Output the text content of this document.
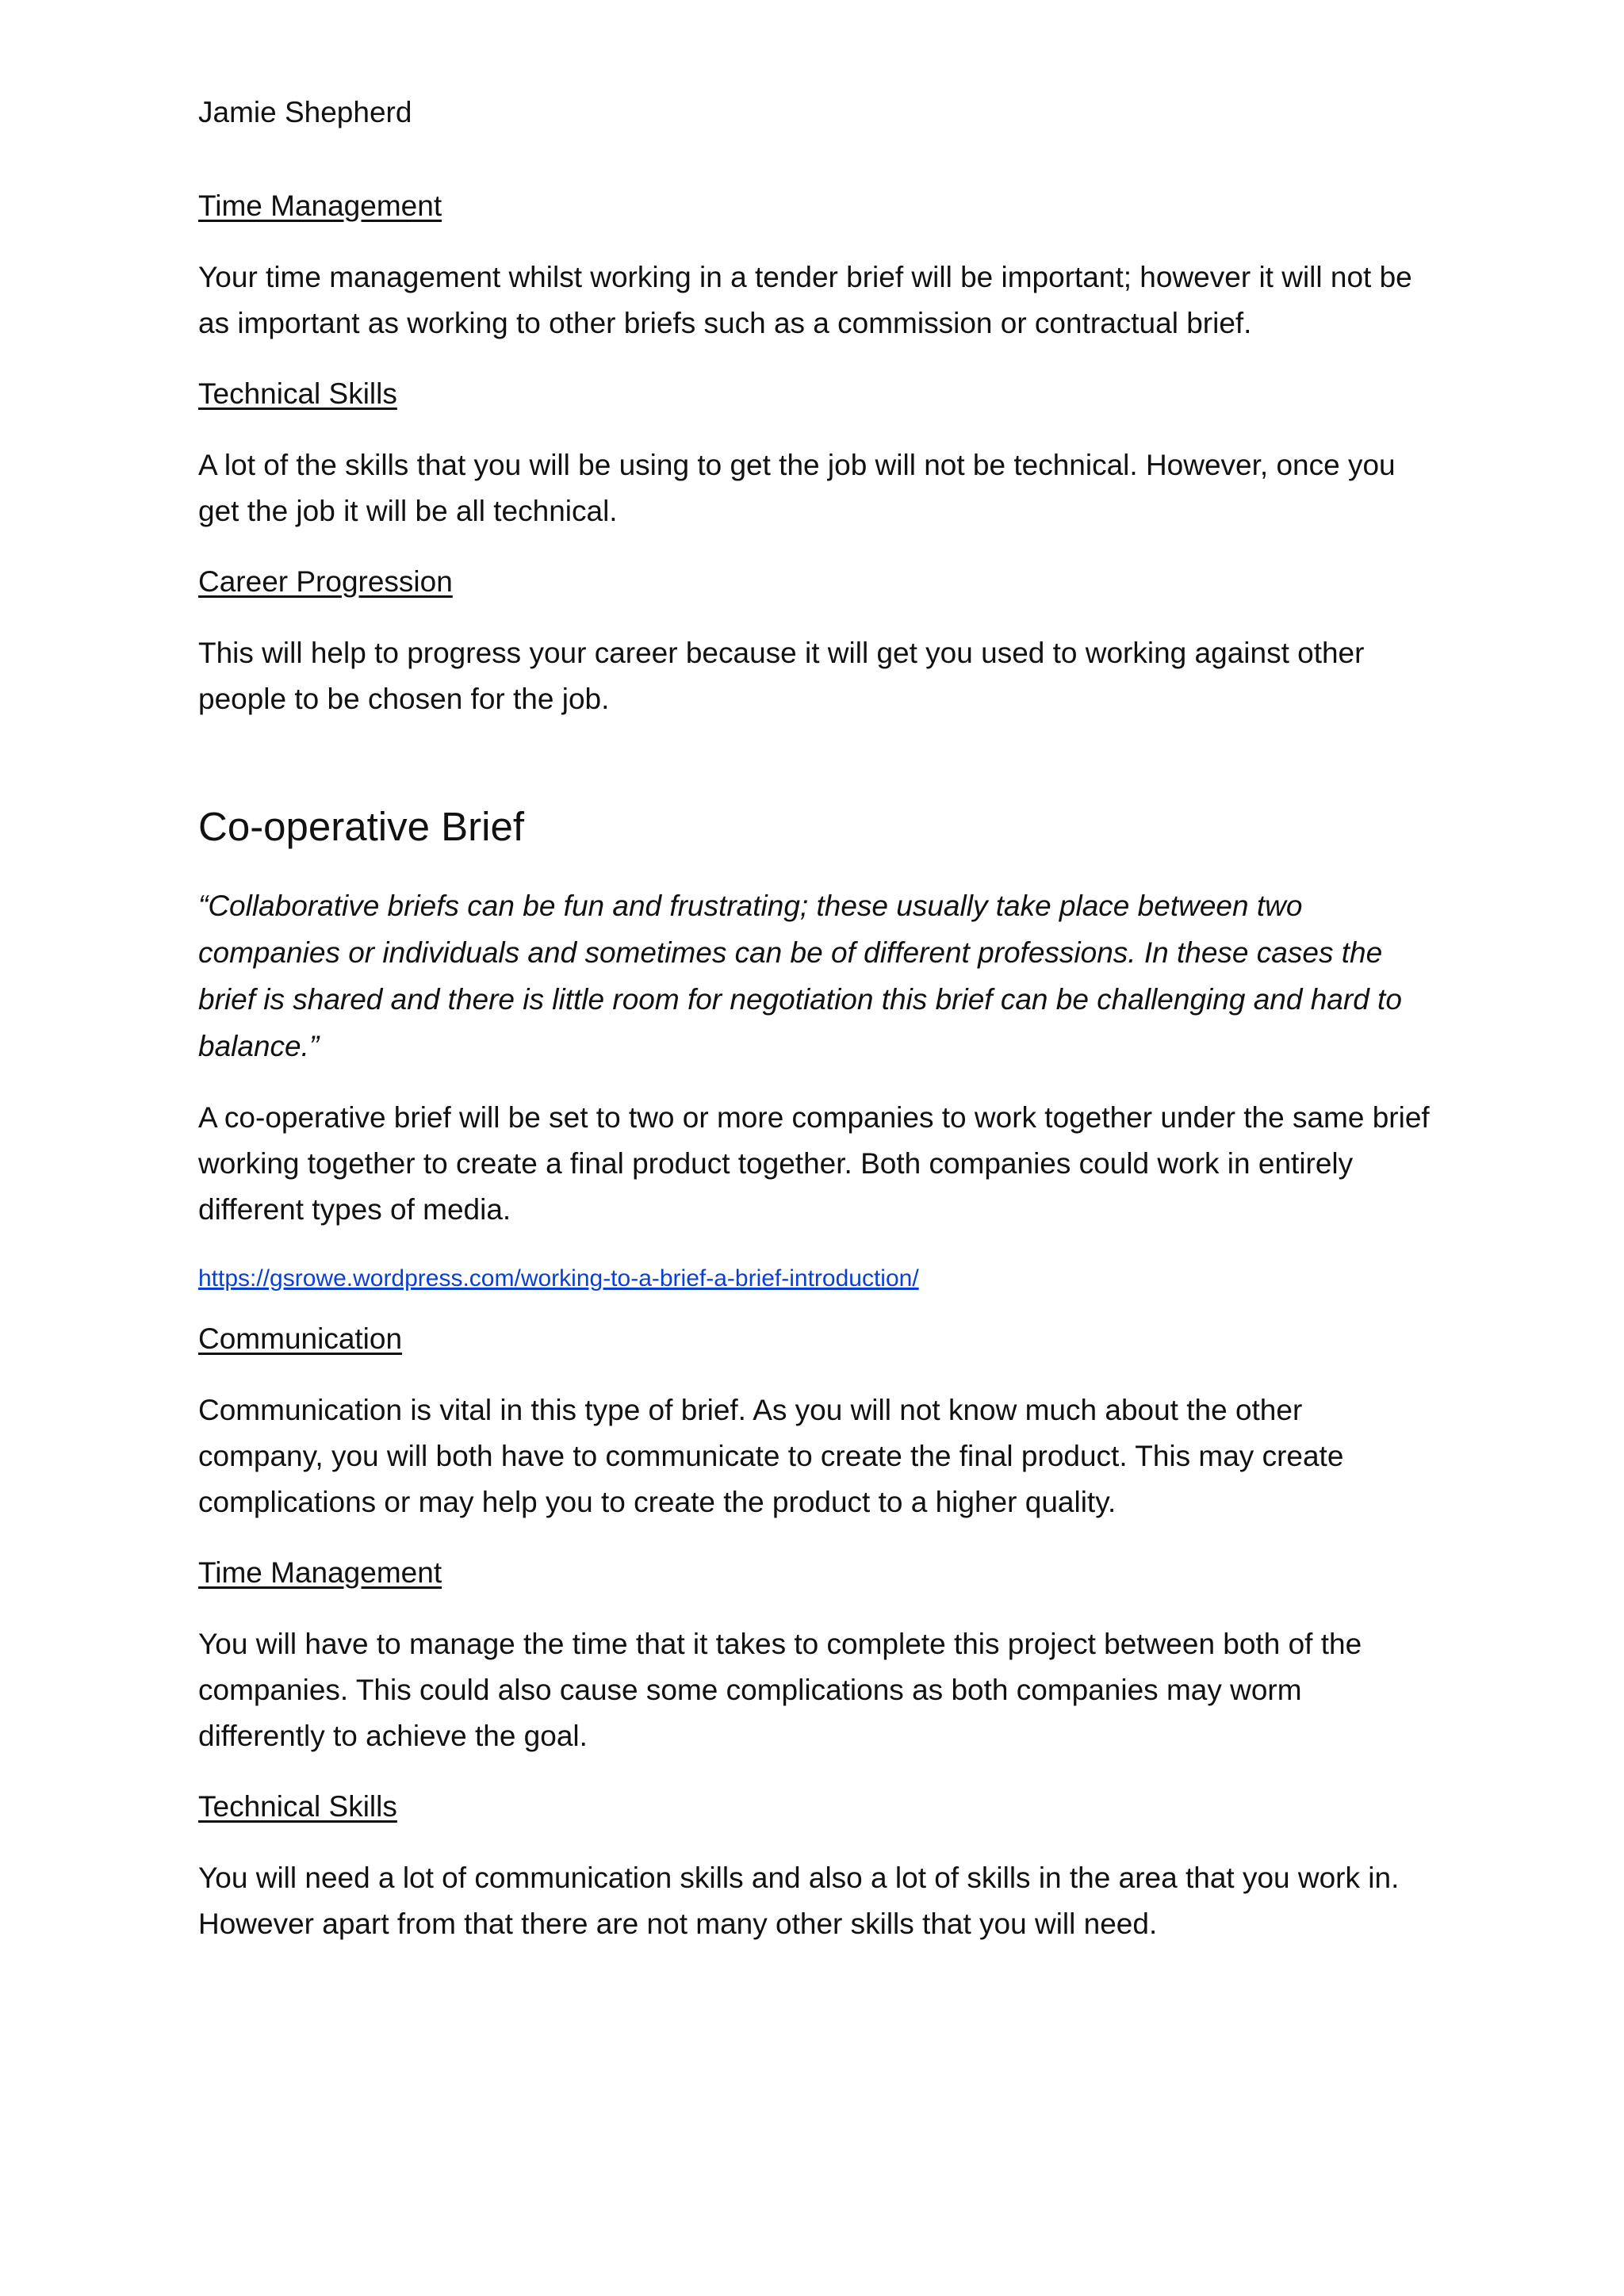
Jamie Shepherd
Time Management
Your time management whilst working in a tender brief will be important; however it will not be as important as working to other briefs such as a commission or contractual brief.
Technical Skills
A lot of the skills that you will be using to get the job will not be technical. However, once you get the job it will be all technical.
Career Progression
This will help to progress your career because it will get you used to working against other people to be chosen for the job.
Co-operative Brief
“Collaborative briefs can be fun and frustrating; these usually take place between two companies or individuals and sometimes can be of different professions. In these cases the brief is shared and there is little room for negotiation this brief can be challenging and hard to balance.”
A co-operative brief will be set to two or more companies to work together under the same brief working together to create a final product together. Both companies could work in entirely different types of media.
https://gsrowe.wordpress.com/working-to-a-brief-a-brief-introduction/
Communication
Communication is vital in this type of brief. As you will not know much about the other company, you will both have to communicate to create the final product. This may create complications or may help you to create the product to a higher quality.
Time Management
You will have to manage the time that it takes to complete this project between both of the companies. This could also cause some complications as both companies may worm differently to achieve the goal.
Technical Skills
You will need a lot of communication skills and also a lot of skills in the area that you work in. However apart from that there are not many other skills that you will need.
